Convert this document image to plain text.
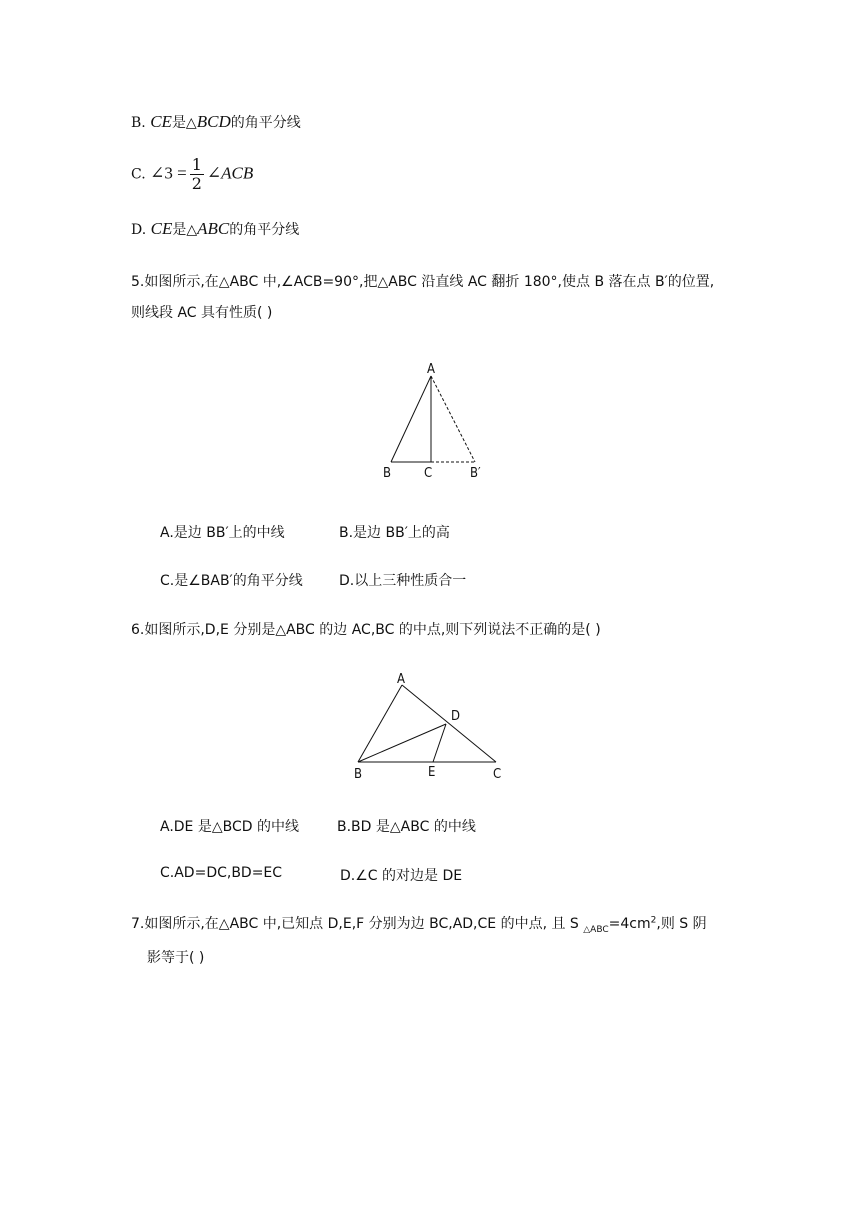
B. CE是△BCD的角平分线
C. ∠3 = $\frac{1}{2}$ ∠ACB
D. CE是△ABC的角平分线
5.如图所示,在△ABC 中,∠ACB=90°,把△ABC 沿直线 AC 翻折 180°,使点 B 落在点 B′的位置,
则线段 AC 具有性质( )
A
B	C	B′
A.是边 BB′上的中线	B.是边 BB′上的高
C.是∠BAB′的角平分线	D.以上三种性质合一
6.如图所示,D,E 分别是△ABC 的边 AC,BC 的中点,则下列说法不正确的是( )
A
D
B	E	C
A.DE 是△BCD 的中线	B.BD 是△ABC 的中线
C.AD=DC,BD=EC	D.∠C 的对边是 DE
7.如图所示,在△ABC 中,已知点 D,E,F 分别为边 BC,AD,CE 的中点, 且 S $_{\triangle ABC}=4cm^2$,则 S 阴
影等于( )
